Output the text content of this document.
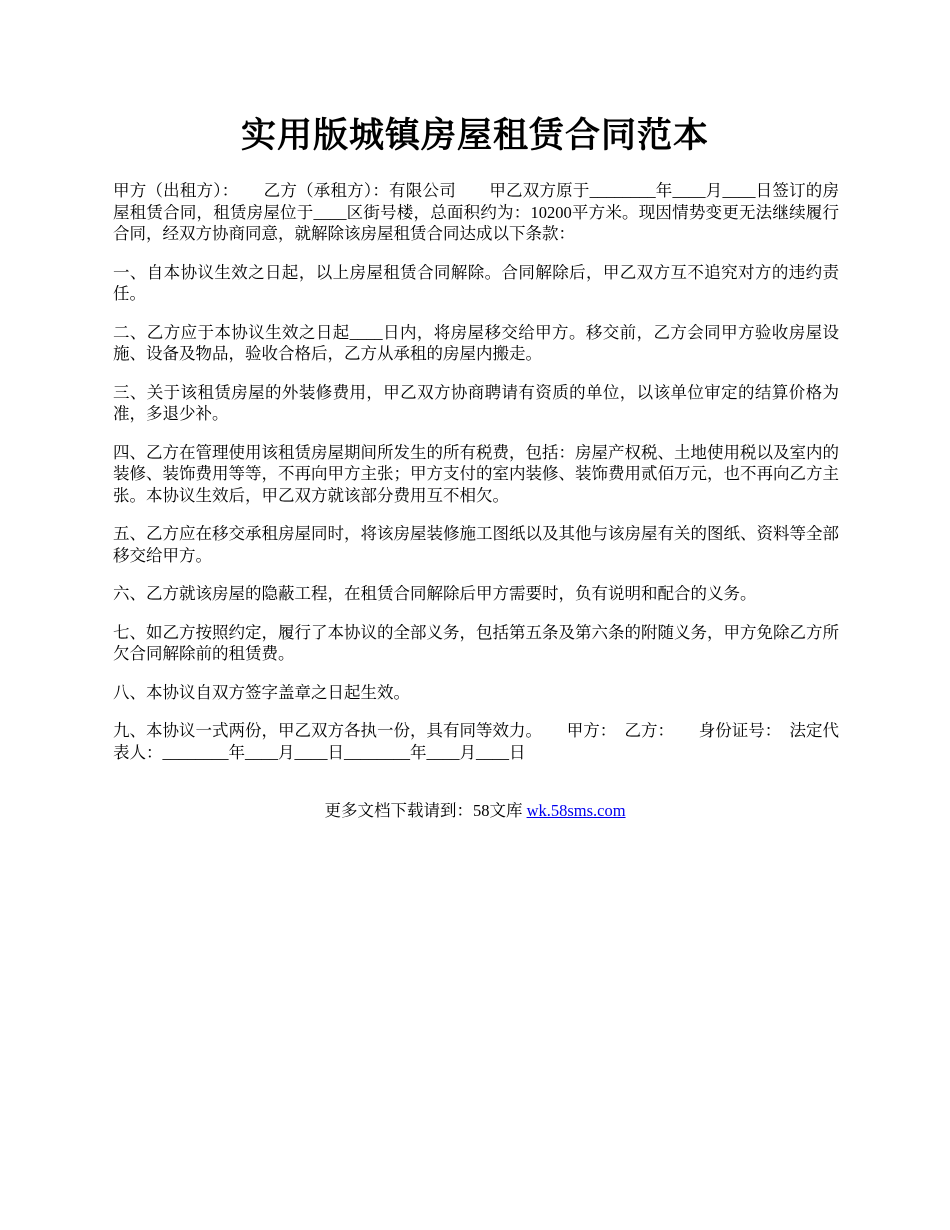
实用版城镇房屋租赁合同范本

甲方（出租方）：　　乙方（承租方）：有限公司　　甲乙双方原于________年____月____日签订的房屋租赁合同，租赁房屋位于____区街号楼，总面积约为：10200平方米。现因情势变更无法继续履行合同，经双方协商同意，就解除该房屋租赁合同达成以下条款：

一、自本协议生效之日起，以上房屋租赁合同解除。合同解除后，甲乙双方互不追究对方的违约责任。

二、乙方应于本协议生效之日起____日内，将房屋移交给甲方。移交前，乙方会同甲方验收房屋设施、设备及物品，验收合格后，乙方从承租的房屋内搬走。

三、关于该租赁房屋的外装修费用，甲乙双方协商聘请有资质的单位，以该单位审定的结算价格为准，多退少补。

四、乙方在管理使用该租赁房屋期间所发生的所有税费，包括：房屋产权税、土地使用税以及室内的装修、装饰费用等等，不再向甲方主张；甲方支付的室内装修、装饰费用贰佰万元，也不再向乙方主张。本协议生效后，甲乙双方就该部分费用互不相欠。

五、乙方应在移交承租房屋同时，将该房屋装修施工图纸以及其他与该房屋有关的图纸、资料等全部移交给甲方。

六、乙方就该房屋的隐蔽工程，在租赁合同解除后甲方需要时，负有说明和配合的义务。

七、如乙方按照约定，履行了本协议的全部义务，包括第五条及第六条的附随义务，甲方免除乙方所欠合同解除前的租赁费。

八、本协议自双方签字盖章之日起生效。

九、本协议一式两份，甲乙双方各执一份，具有同等效力。　　甲方：　乙方：　　身份证号：　法定代表人：________年____月____日________年____月____日

更多文档下载请到：58文库 wk.58sms.com
